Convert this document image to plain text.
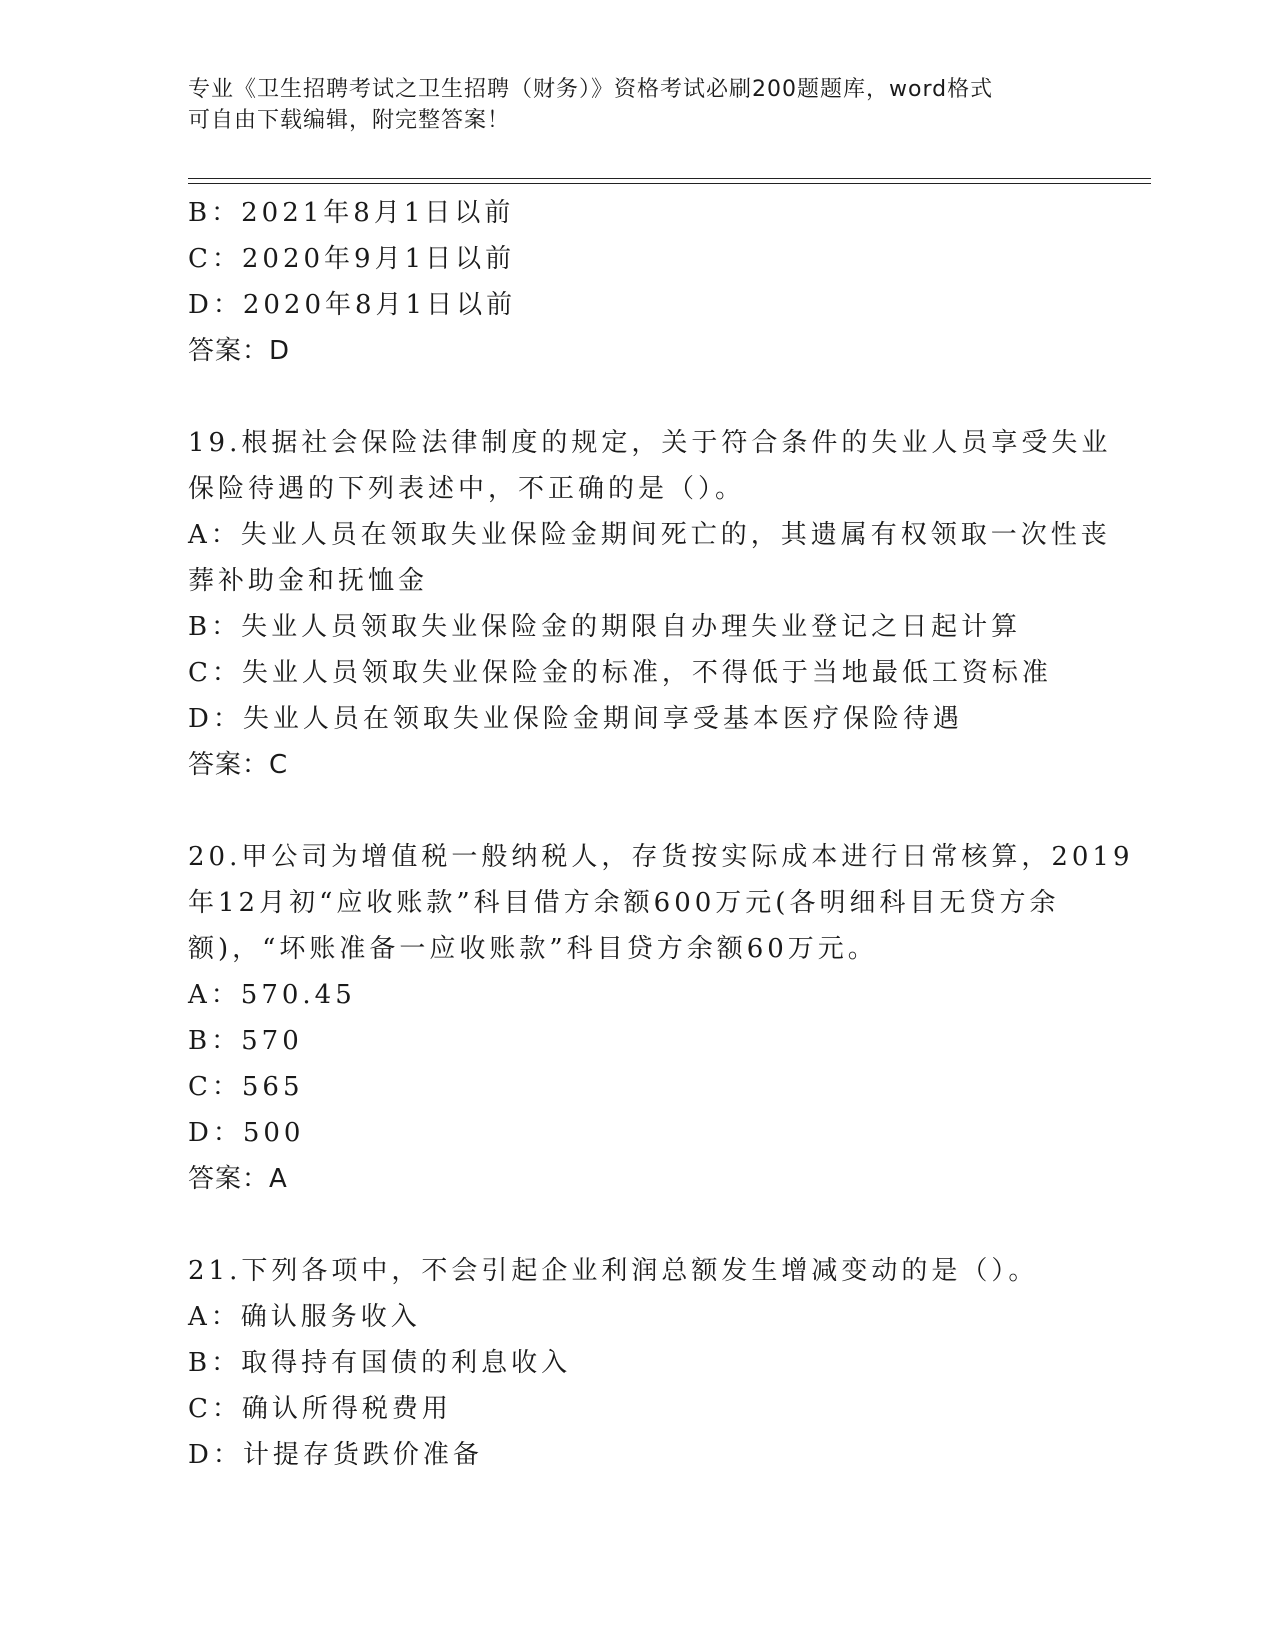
专业《卫生招聘考试之卫生招聘（财务）》资格考试必刷200题题库，word格式
可自由下载编辑，附完整答案！
B：2021年8月1日以前
C：2020年9月1日以前
D：2020年8月1日以前
答案：D
19.根据社会保险法律制度的规定，关于符合条件的失业人员享受失业
保险待遇的下列表述中，不正确的是（）。
A：失业人员在领取失业保险金期间死亡的，其遗属有权领取一次性丧
葬补助金和抚恤金
B：失业人员领取失业保险金的期限自办理失业登记之日起计算
C：失业人员领取失业保险金的标准，不得低于当地最低工资标准
D：失业人员在领取失业保险金期间享受基本医疗保险待遇
答案：C
20.甲公司为增值税一般纳税人，存货按实际成本进行日常核算，2019
年12月初“应收账款”科目借方余额600万元(各明细科目无贷方余
额)，“坏账准备一应收账款”科目贷方余额60万元。
A：570.45
B：570
C：565
D：500
答案：A
21.下列各项中，不会引起企业利润总额发生增减变动的是（）。
A：确认服务收入
B：取得持有国债的利息收入
C：确认所得税费用
D：计提存货跌价准备
